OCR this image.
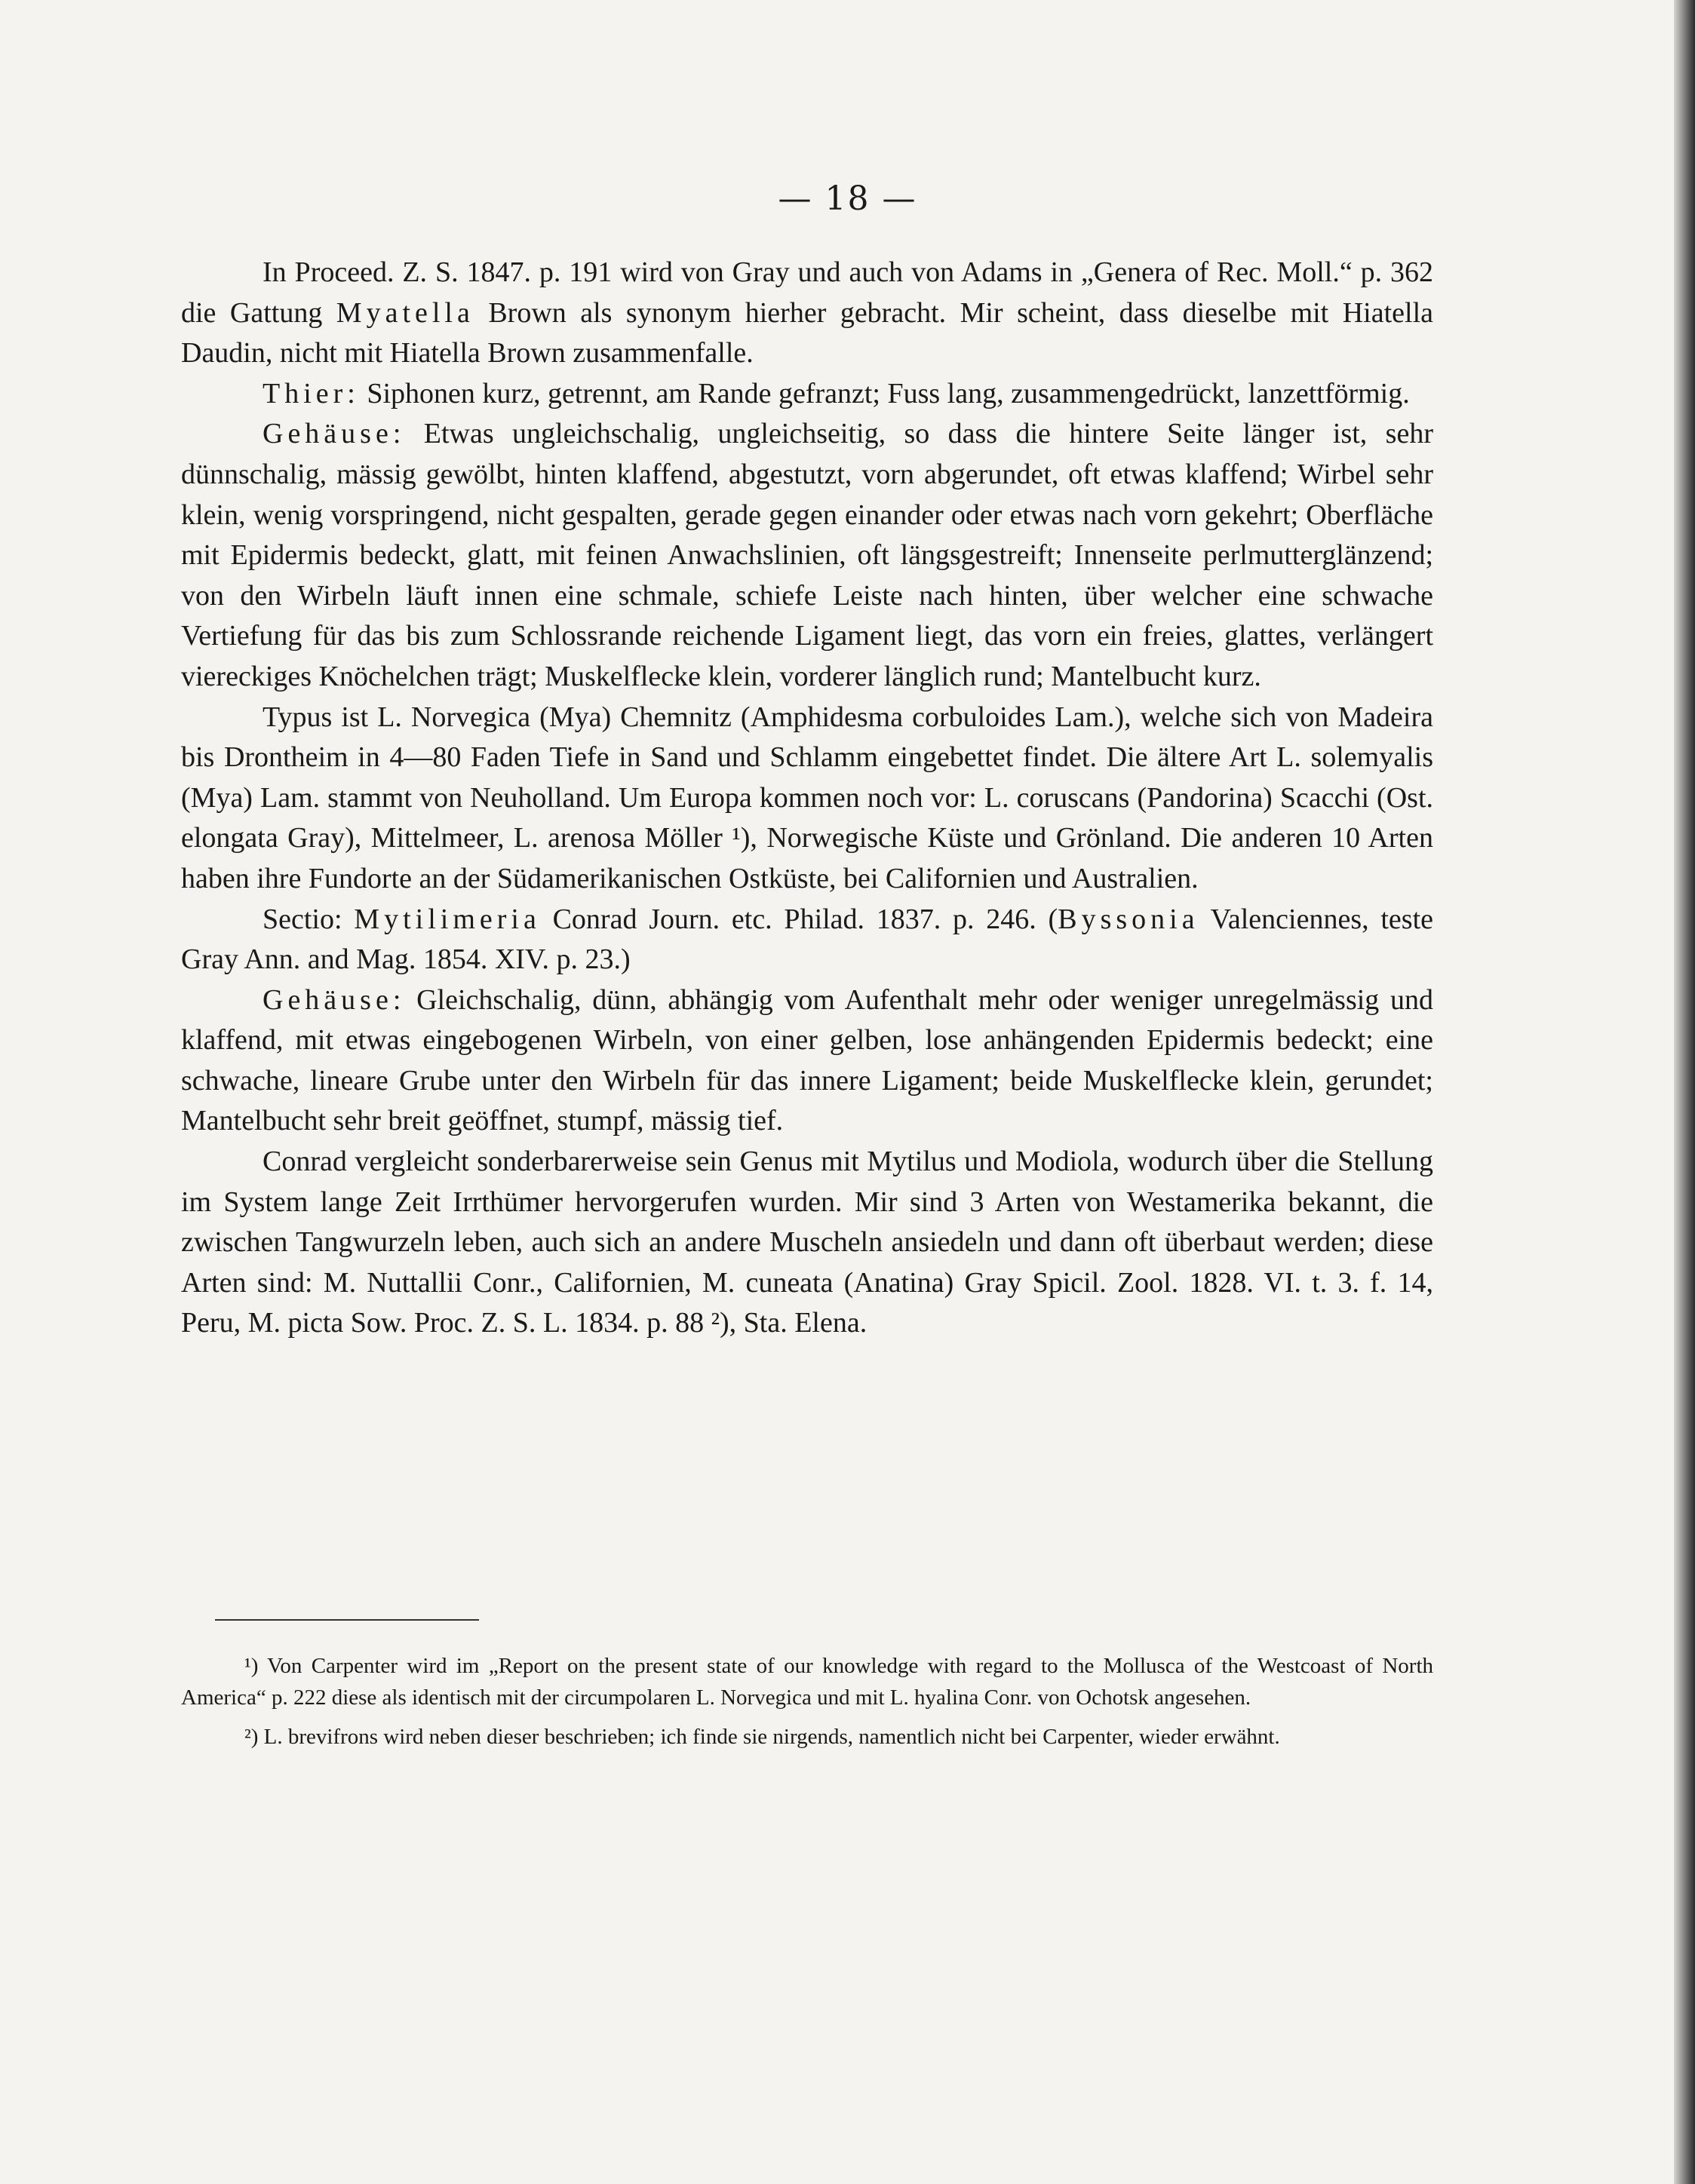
— 18 —

In Proceed. Z. S. 1847. p. 191 wird von Gray und auch von Adams in „Genera of Rec. Moll.“ p. 362 die Gattung Myatella Brown als synonym hierher gebracht. Mir scheint, dass dieselbe mit Hiatella Daudin, nicht mit Hiatella Brown zusammenfalle.

Thier: Siphonen kurz, getrennt, am Rande gefranzt; Fuss lang, zusammengedrückt, lanzettförmig.

Gehäuse: Etwas ungleichschalig, ungleichseitig, so dass die hintere Seite länger ist, sehr dünnschalig, mässig gewölbt, hinten klaffend, abgestutzt, vorn abgerundet, oft etwas klaffend; Wirbel sehr klein, wenig vorspringend, nicht gespalten, gerade gegen einander oder etwas nach vorn gekehrt; Oberfläche mit Epidermis bedeckt, glatt, mit feinen Anwachslinien, oft längsgestreift; Innenseite perlmutterglänzend; von den Wirbeln läuft innen eine schmale, schiefe Leiste nach hinten, über welcher eine schwache Vertiefung für das bis zum Schlossrande reichende Ligament liegt, das vorn ein freies, glattes, verlängert viereckiges Knöchelchen trägt; Muskelflecke klein, vorderer länglich rund; Mantelbucht kurz.

Typus ist L. Norvegica (Mya) Chemnitz (Amphidesma corbuloides Lam.), welche sich von Madeira bis Drontheim in 4—80 Faden Tiefe in Sand und Schlamm eingebettet findet. Die ältere Art L. solemyalis (Mya) Lam. stammt von Neuholland. Um Europa kommen noch vor: L. coruscans (Pandorina) Scacchi (Ost. elongata Gray), Mittelmeer, L. arenosa Möller ¹), Norwegische Küste und Grönland. Die anderen 10 Arten haben ihre Fundorte an der Südamerikanischen Ostküste, bei Californien und Australien.

Sectio: Mytilimeria Conrad Journ. etc. Philad. 1837. p. 246. (Byssonia Valenciennes, teste Gray Ann. and Mag. 1854. XIV. p. 23.)

Gehäuse: Gleichschalig, dünn, abhängig vom Aufenthalt mehr oder weniger unregelmässig und klaffend, mit etwas eingebogenen Wirbeln, von einer gelben, lose anhängenden Epidermis bedeckt; eine schwache, lineare Grube unter den Wirbeln für das innere Ligament; beide Muskelflecke klein, gerundet; Mantelbucht sehr breit geöffnet, stumpf, mässig tief.

Conrad vergleicht sonderbarerweise sein Genus mit Mytilus und Modiola, wodurch über die Stellung im System lange Zeit Irrthümer hervorgerufen wurden. Mir sind 3 Arten von Westamerika bekannt, die zwischen Tangwurzeln leben, auch sich an andere Muscheln ansiedeln und dann oft überbaut werden; diese Arten sind: M. Nuttallii Conr., Californien, M. cuneata (Anatina) Gray Spicil. Zool. 1828. VI. t. 3. f. 14, Peru, M. picta Sow. Proc. Z. S. L. 1834. p. 88 ²), Sta. Elena.

¹) Von Carpenter wird im „Report on the present state of our knowledge with regard to the Mollusca of the Westcoast of North America“ p. 222 diese als identisch mit der circumpolaren L. Norvegica und mit L. hyalina Conr. von Ochotsk angesehen.

²) L. brevifrons wird neben dieser beschrieben; ich finde sie nirgends, namentlich nicht bei Carpenter, wieder erwähnt.
